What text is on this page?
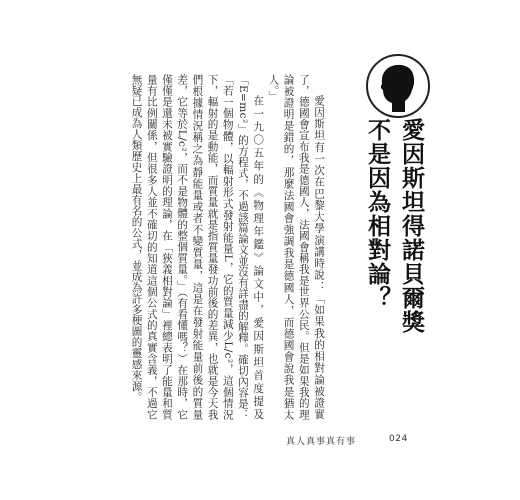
愛因斯坦有一次在巴黎大學演講時說：「如果我的相對論被證實了，德國會宣布我是德國人，法國會稱我是世界公民。但是如果我的理論被證明是錯的，那麼法國會強調我是德國人，而德國會說我是猶太人。」

在一九〇五年的《物理年鑑》論文中，愛因斯坦首度提及「E=mc²」的方程式，不過該篇論文並沒有詳盡的解釋。確切內容是：「若一個物體，以輻射形式發射能量L，它的質量減少L/c²，這個情況下，輻射的是動能，而質量就是指質量發功前後的差異，也就是今天我們根據情況稱之為靜能量或者不變質量，這是在發射能量前後的質量差，它等於L/c²，而不是物體的整個質量。」（有看懂嗎？）在那時，它僅僅是還未被實驗證明的理論，在「狹義相對論」裡總表明了能量和質量有比例關係，但很多人並不確切的知道這個公式的真實含義，不過它無疑已成為人類歷史上最有名的公式，並成為許多梗圖的靈感來源。	愛因斯坦得諾貝爾獎
不是因為相對論？
真人真事真有事	024
